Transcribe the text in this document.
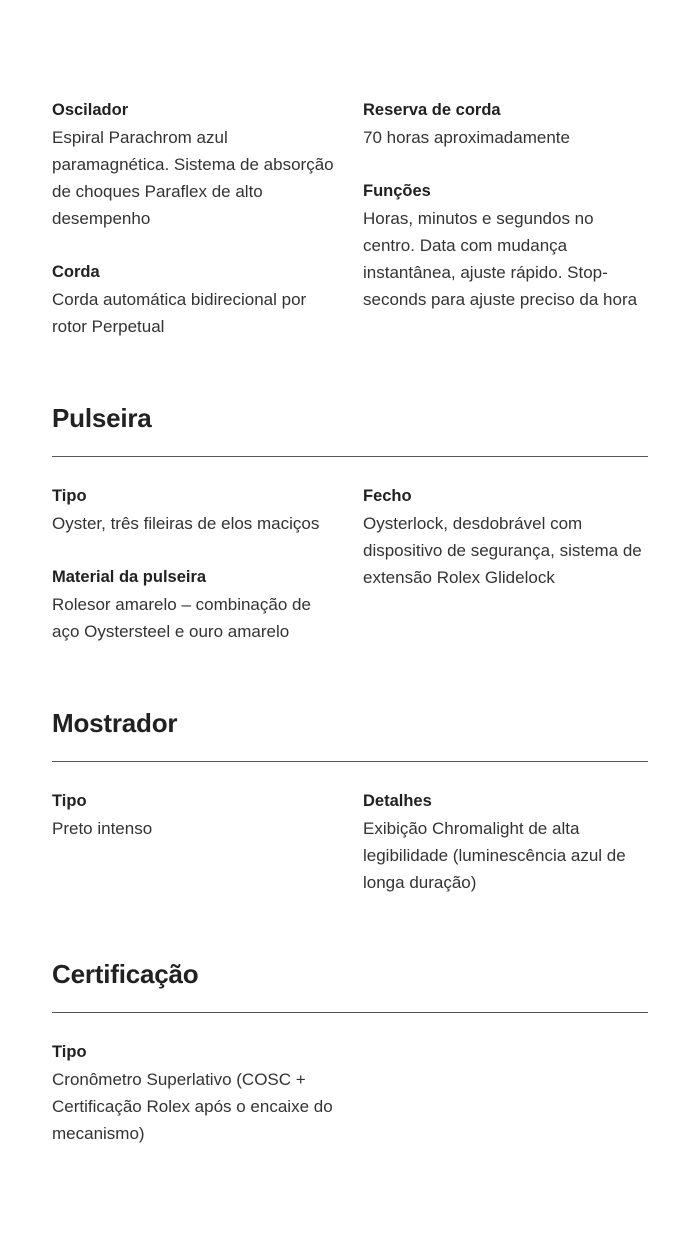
Oscilador
Espiral Parachrom azul paramagnética. Sistema de absorção de choques Paraflex de alto desempenho
Corda
Corda automática bidirecional por rotor Perpetual
Reserva de corda
70 horas aproximadamente
Funções
Horas, minutos e segundos no centro. Data com mudança instantânea, ajuste rápido. Stop-seconds para ajuste preciso da hora
Pulseira
Tipo
Oyster, três fileiras de elos maciços
Material da pulseira
Rolesor amarelo – combinação de aço Oystersteel e ouro amarelo
Fecho
Oysterlock, desdobrável com dispositivo de segurança, sistema de extensão Rolex Glidelock
Mostrador
Tipo
Preto intenso
Detalhes
Exibição Chromalight de alta legibilidade (luminescência azul de longa duração)
Certificação
Tipo
Cronômetro Superlativo (COSC + Certificação Rolex após o encaixe do mecanismo)
